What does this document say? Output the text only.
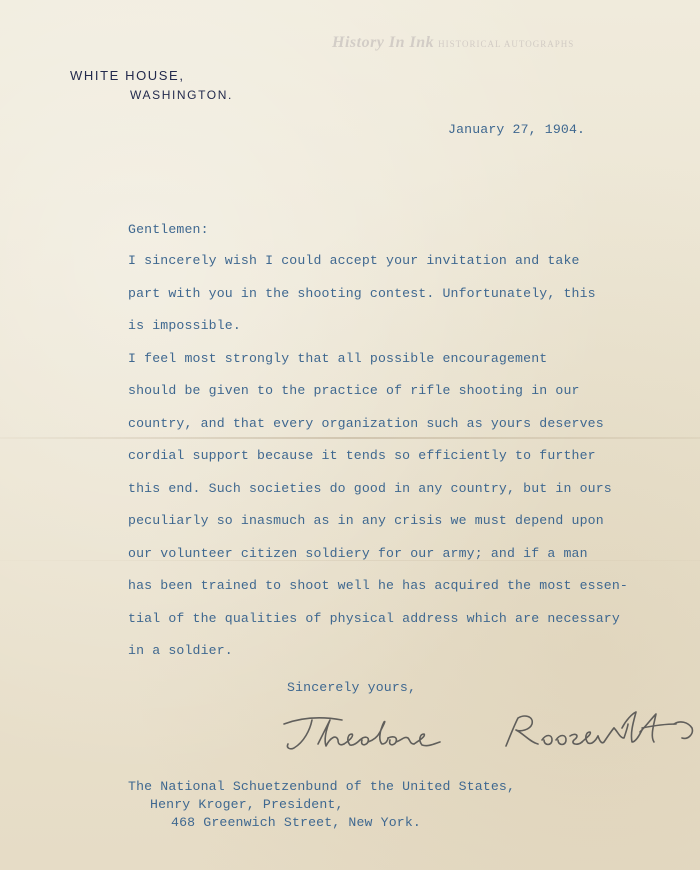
History In Ink HISTORICAL AUTOGRAPHS
WHITE HOUSE,
WASHINGTON.
January 27, 1904.
Gentlemen:
I sincerely wish I could accept your invitation and take
part with you in the shooting contest. Unfortunately, this
is impossible.
I feel most strongly that all possible encouragement
should be given to the practice of rifle shooting in our
country, and that every organization such as yours deserves
cordial support because it tends so efficiently to further
this end. Such societies do good in any country, but in ours
peculiarly so inasmuch as in any crisis we must depend upon
our volunteer citizen soldiery for our army; and if a man
has been trained to shoot well he has acquired the most essen-
tial of the qualities of physical address which are necessary
in a soldier.
Sincerely yours,
Theodore Roosevelt
The National Schuetzenbund of the United States,
Henry Kroger, President,
468 Greenwich Street, New York.
